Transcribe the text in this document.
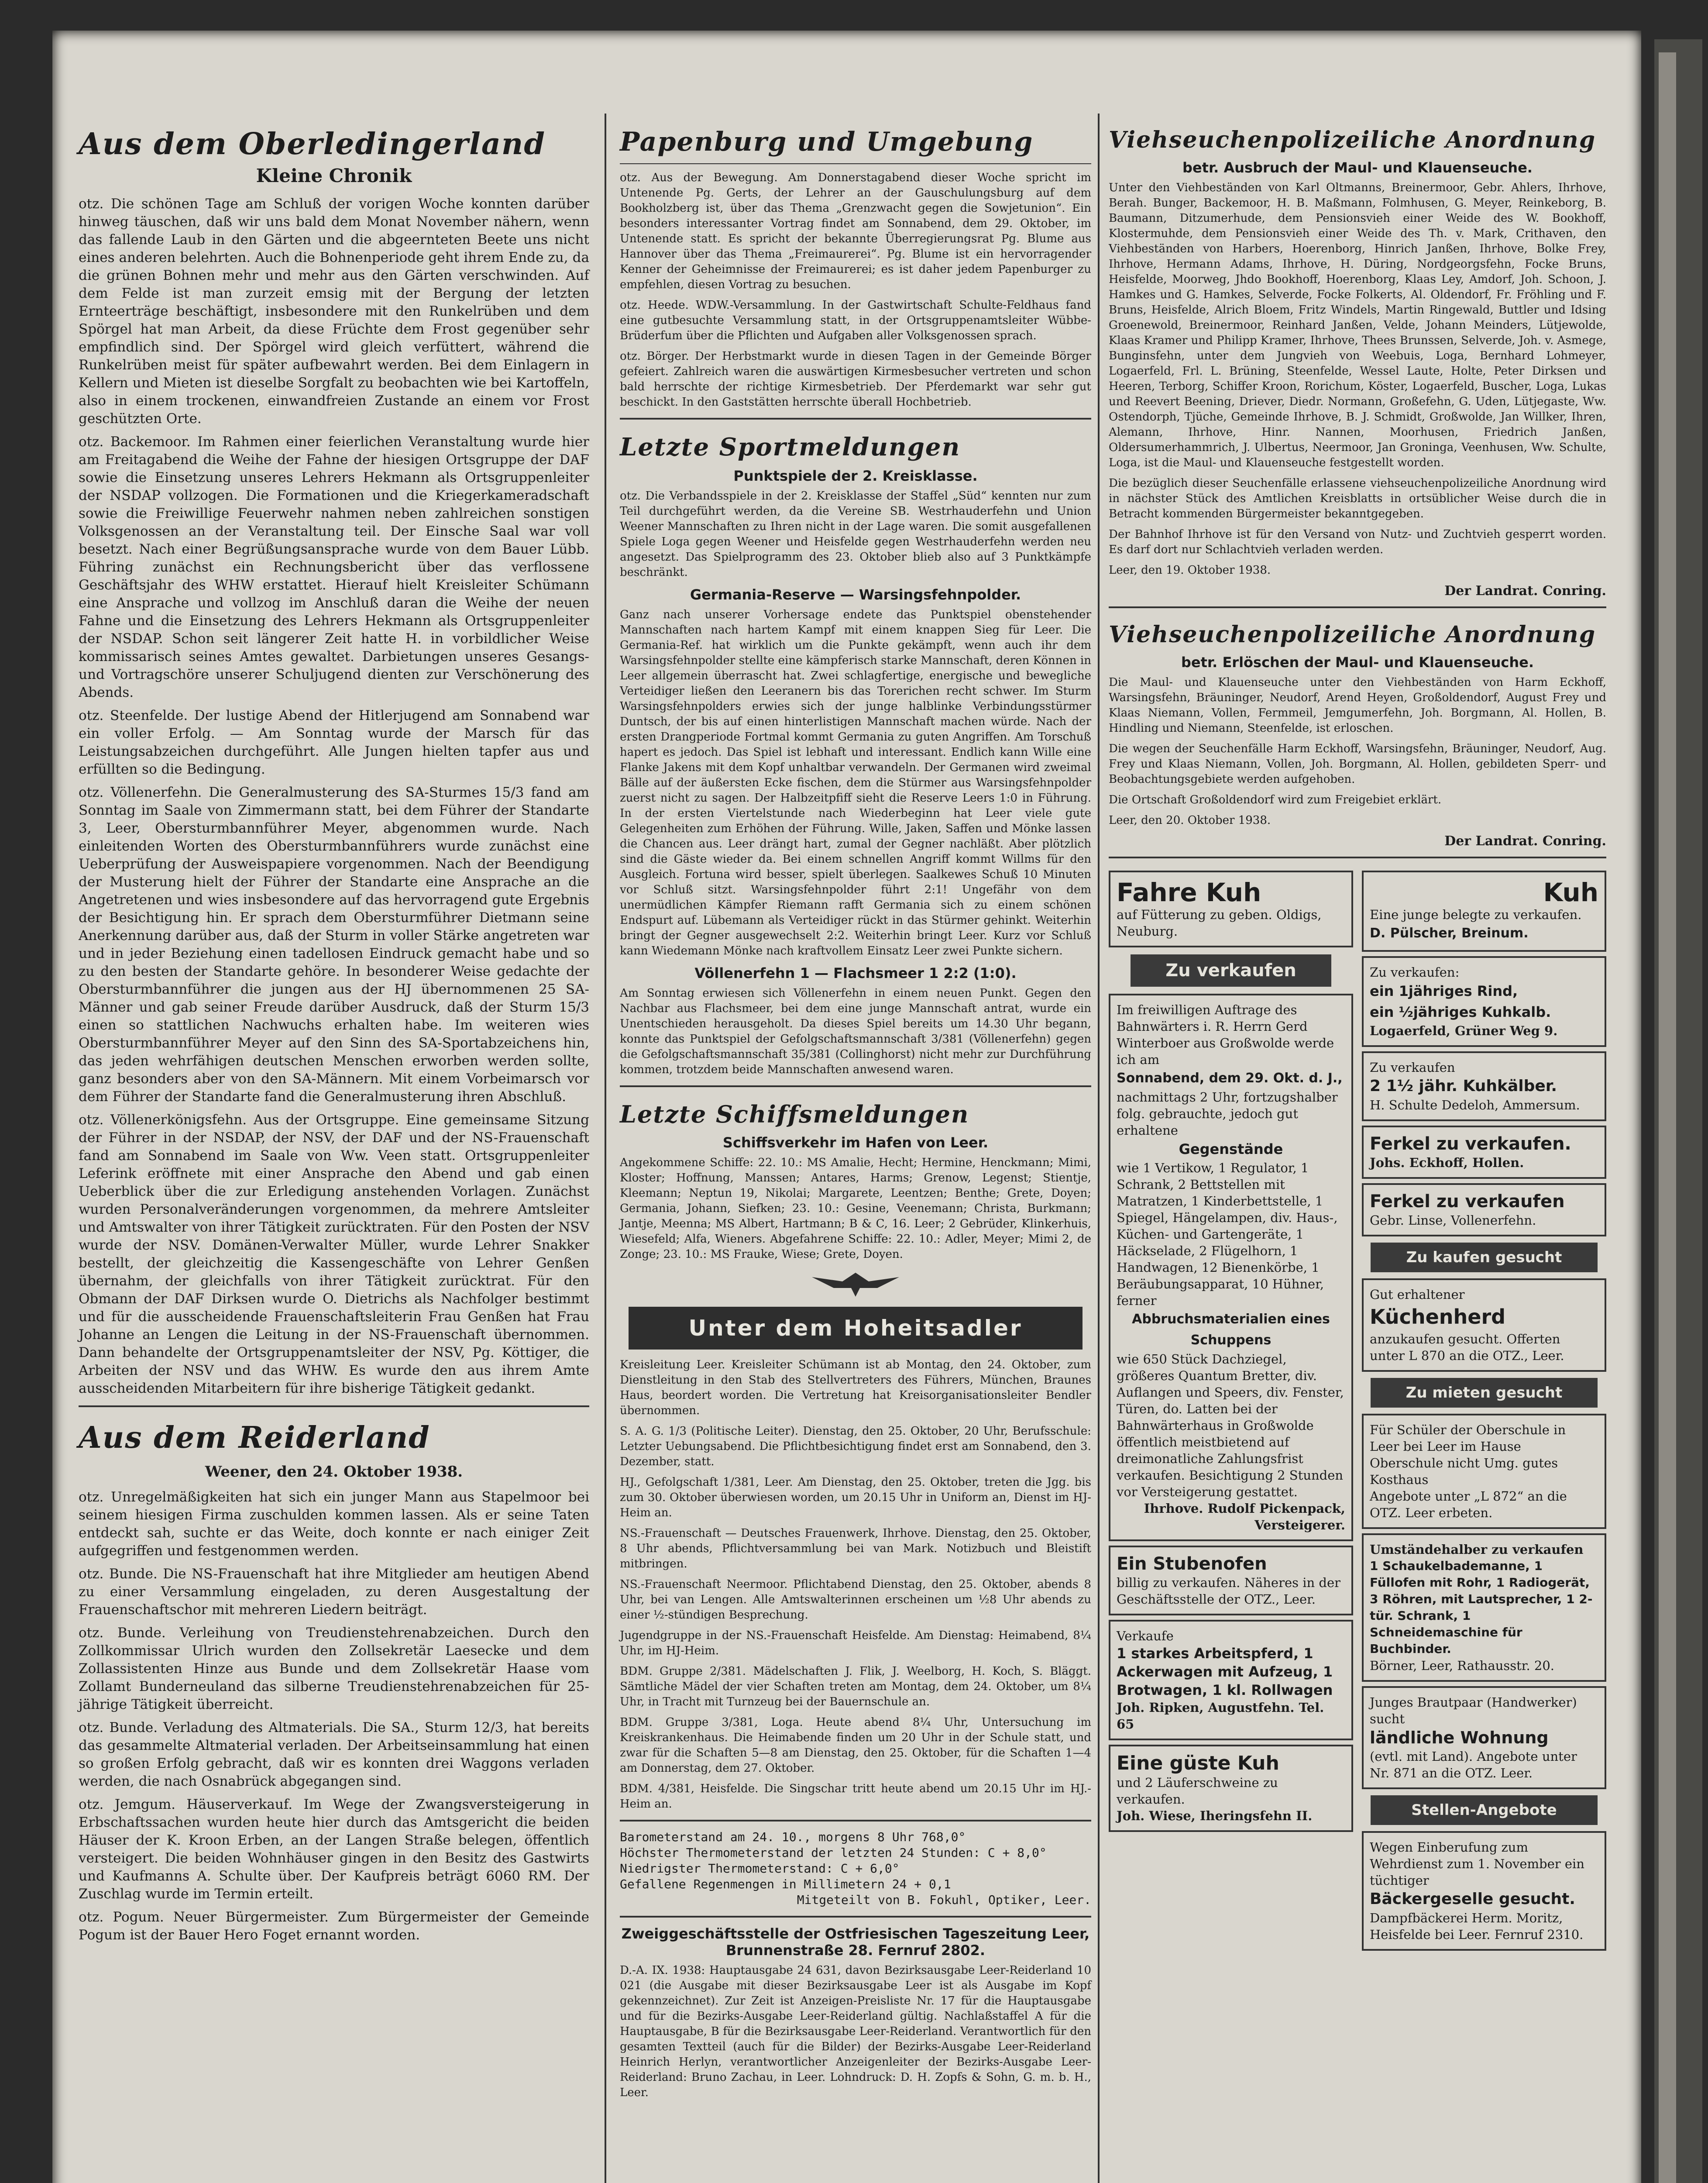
Aus dem Oberledingerland
Kleine Chronik

otz. Die schönen Tage am Schluß der vorigen Woche konnten darüber hinweg täuschen, daß wir uns bald dem Monat November nähern, wenn das fallende Laub in den Gärten und die abgeernteten Beete uns nicht eines anderen belehrten. Auch die Bohnenperiode geht ihrem Ende zu, da die grünen Bohnen mehr und mehr aus den Gärten verschwinden. Auf dem Felde ist man zurzeit emsig mit der Bergung der letzten Ernteerträge beschäftigt, insbesondere mit den Runkelrüben und dem Spörgel hat man Arbeit, da diese Früchte dem Frost gegenüber sehr empfindlich sind. Der Spörgel wird gleich verfüttert, während die Runkelrüben meist für später aufbewahrt werden. Bei dem Einlagern in Kellern und Mieten ist dieselbe Sorgfalt zu beobachten wie bei Kartoffeln, also in einem trockenen, einwandfreien Zustande an einem vor Frost geschützten Orte.

otz. Backemoor. Im Rahmen einer feierlichen Veranstaltung wurde hier am Freitagabend die Weihe der Fahne der hiesigen Ortsgruppe der DAF sowie die Einsetzung unseres Lehrers Hekmann als Ortsgruppenleiter der NSDAP vollzogen. Die Formationen und die Kriegerkameradschaft sowie die Freiwillige Feuerwehr nahmen neben zahlreichen sonstigen Volksgenossen an der Veranstaltung teil. Der Einsche Saal war voll besetzt. Nach einer Begrüßungsansprache wurde von dem Bauer Lübb. Führing zunächst ein Rechnungsbericht über das verflossene Geschäftsjahr des WHW erstattet. Hierauf hielt Kreisleiter Schümann eine Ansprache und vollzog im Anschluß daran die Weihe der neuen Fahne und die Einsetzung des Lehrers Hekmann als Ortsgruppenleiter der NSDAP. Schon seit längerer Zeit hatte H. in vorbildlicher Weise kommissarisch seines Amtes gewaltet. Darbietungen unseres Gesangs- und Vortragschöre unserer Schuljugend dienten zur Verschönerung des Abends.

otz. Steenfelde. Der lustige Abend der Hitlerjugend am Sonnabend war ein voller Erfolg. — Am Sonntag wurde der Marsch für das Leistungsabzeichen durchgeführt. Alle Jungen hielten tapfer aus und erfüllten so die Bedingung.

otz. Völlenerfehn. Die Generalmusterung des SA-Sturmes 15/3 fand am Sonntag im Saale von Zimmermann statt, bei dem Führer der Standarte 3, Leer, Obersturmbannführer Meyer, abgenommen wurde. Nach einleitenden Worten des Obersturmbannführers wurde zunächst eine Ueberprüfung der Ausweispapiere vorgenommen. Nach der Beendigung der Musterung hielt der Führer der Standarte eine Ansprache an die Angetretenen und wies insbesondere auf das hervorragend gute Ergebnis der Besichtigung hin. Er sprach dem Obersturmführer Dietmann seine Anerkennung darüber aus, daß der Sturm in voller Stärke angetreten war und in jeder Beziehung einen tadellosen Eindruck gemacht habe und so zu den besten der Standarte gehöre. In besonderer Weise gedachte der Obersturmbannführer die jungen aus der HJ übernommenen 25 SA-Männer und gab seiner Freude darüber Ausdruck, daß der Sturm 15/3 einen so stattlichen Nachwuchs erhalten habe. Im weiteren wies Obersturmbannführer Meyer auf den Sinn des SA-Sportabzeichens hin, das jeden wehrfähigen deutschen Menschen erworben werden sollte, ganz besonders aber von den SA-Männern. Mit einem Vorbeimarsch vor dem Führer der Standarte fand die Generalmusterung ihren Abschluß.

otz. Völlenerkönigsfehn. Aus der Ortsgruppe. Eine gemeinsame Sitzung der Führer in der NSDAP, der NSV, der DAF und der NS-Frauenschaft fand am Sonnabend im Saale von Ww. Veen statt. Ortsgruppenleiter Leferink eröffnete mit einer Ansprache den Abend und gab einen Ueberblick über die zur Erledigung anstehenden Vorlagen. Zunächst wurden Personalveränderungen vorgenommen, da mehrere Amtsleiter und Amtswalter von ihrer Tätigkeit zurücktraten. Für den Posten der NSV wurde der NSV. Domänen-Verwalter Müller, wurde Lehrer Snakker bestellt, der gleichzeitig die Kassengeschäfte von Lehrer Genßen übernahm, der gleichfalls von ihrer Tätigkeit zurücktrat. Für den Obmann der DAF Dirksen wurde O. Dietrichs als Nachfolger bestimmt und für die ausscheidende Frauenschaftsleiterin Frau Genßen hat Frau Johanne an Lengen die Leitung in der NS-Frauenschaft übernommen. Dann behandelte der Ortsgruppenamtsleiter der NSV, Pg. Köttiger, die Arbeiten der NSV und das WHW. Es wurde den aus ihrem Amte ausscheidenden Mitarbeitern für ihre bisherige Tätigkeit gedankt.

Aus dem Reiderland
Weener, den 24. Oktober 1938.

otz. Unregelmäßigkeiten hat sich ein junger Mann aus Stapelmoor bei seinem hiesigen Firma zuschulden kommen lassen. Als er seine Taten entdeckt sah, suchte er das Weite, doch konnte er nach einiger Zeit aufgegriffen und festgenommen werden.

otz. Bunde. Die NS-Frauenschaft hat ihre Mitglieder am heutigen Abend zu einer Versammlung eingeladen, zu deren Ausgestaltung der Frauenschaftschor mit mehreren Liedern beiträgt.

otz. Bunde. Verleihung von Treudienstehrenabzeichen. Durch den Zollkommissar Ulrich wurden den Zollsekretär Laesecke und dem Zollassistenten Hinze aus Bunde und dem Zollsekretär Haase vom Zollamt Bunderneuland das silberne Treudienstehrenabzeichen für 25-jährige Tätigkeit überreicht.

otz. Bunde. Verladung des Altmaterials. Die SA., Sturm 12/3, hat bereits das gesammelte Altmaterial verladen. Der Arbeitseinsammlung hat einen so großen Erfolg gebracht, daß wir es konnten drei Waggons verladen werden, die nach Osnabrück abgegangen sind.

otz. Jemgum. Häuserverkauf. Im Wege der Zwangsversteigerung in Erbschaftssachen wurden heute hier durch das Amtsgericht die beiden Häuser der K. Kroon Erben, an der Langen Straße belegen, öffentlich versteigert. Die beiden Wohnhäuser gingen in den Besitz des Gastwirts und Kaufmanns A. Schulte über. Der Kaufpreis beträgt 6060 RM. Der Zuschlag wurde im Termin erteilt.

otz. Pogum. Neuer Bürgermeister. Zum Bürgermeister der Gemeinde Pogum ist der Bauer Hero Foget ernannt worden.

Papenburg und Umgebung

otz. Aus der Bewegung. Am Donnerstagabend dieser Woche spricht im Untenende Pg. Gerts, der Lehrer an der Gauschulungsburg auf dem Bookholzberg ist, über das Thema „Grenzwacht gegen die Sowjetunion“. Ein besonders interessanter Vortrag findet am Sonnabend, dem 29. Oktober, im Untenende statt. Es spricht der bekannte Überregierungsrat Pg. Blume aus Hannover über das Thema „Freimaurerei“. Pg. Blume ist ein hervorragender Kenner der Geheimnisse der Freimaurerei; es ist daher jedem Papenburger zu empfehlen, diesen Vortrag zu besuchen.

otz. Heede. WDW.-Versammlung. In der Gastwirtschaft Schulte-Feldhaus fand eine gutbesuchte Versammlung statt, in der Ortsgruppenamtsleiter Wübbe-Brüderfum über die Pflichten und Aufgaben aller Volksgenossen sprach.

otz. Börger. Der Herbstmarkt wurde in diesen Tagen in der Gemeinde Börger gefeiert. Zahlreich waren die auswärtigen Kirmesbesucher vertreten und schon bald herrschte der richtige Kirmesbetrieb. Der Pferdemarkt war sehr gut beschickt. In den Gaststätten herrschte überall Hochbetrieb.

Letzte Sportmeldungen
Punktspiele der 2. Kreisklasse.

otz. Die Verbandsspiele in der 2. Kreisklasse der Staffel „Süd“ kennten nur zum Teil durchgeführt werden, da die Vereine SB. Westrhauderfehn und Union Weener Mannschaften zu Ihren nicht in der Lage waren. Die somit ausgefallenen Spiele Loga gegen Weener und Heisfelde gegen Westrhauderfehn werden neu angesetzt. Das Spielprogramm des 23. Oktober blieb also auf 3 Punktkämpfe beschränkt.

Germania-Reserve — Warsingsfehnpolder.

Ganz nach unserer Vorhersage endete das Punktspiel obenstehender Mannschaften nach hartem Kampf mit einem knappen Sieg für Leer. Die Germania-Ref. hat wirklich um die Punkte gekämpft, wenn auch ihr dem Warsingsfehnpolder stellte eine kämpferisch starke Mannschaft, deren Können in Leer allgemein überrascht hat. Zwei schlagfertige, energische und bewegliche Verteidiger ließen den Leeranern bis das Torerichen recht schwer. Im Sturm Warsingsfehnpolders erwies sich der junge halblinke Verbindungsstürmer Duntsch, der bis auf einen hinterlistigen Mannschaft machen würde. Nach der ersten Drangperiode Fortmal kommt Germania zu guten Angriffen. Am Torschuß hapert es jedoch. Das Spiel ist lebhaft und interessant. Endlich kann Wille eine Flanke Jakens mit dem Kopf unhaltbar verwandeln. Der Germanen wird zweimal Bälle auf der äußersten Ecke fischen, dem die Stürmer aus Warsingsfehnpolder zuerst nicht zu sagen. Der Halbzeitpfiff sieht die Reserve Leers 1:0 in Führung. In der ersten Viertelstunde nach Wiederbeginn hat Leer viele gute Gelegenheiten zum Erhöhen der Führung. Wille, Jaken, Saffen und Mönke lassen die Chancen aus. Leer drängt hart, zumal der Gegner nachläßt. Aber plötzlich sind die Gäste wieder da. Bei einem schnellen Angriff kommt Willms für den Ausgleich. Fortuna wird besser, spielt überlegen. Saalkewes Schuß 10 Minuten vor Schluß sitzt. Warsingsfehnpolder führt 2:1! Ungefähr von dem unermüdlichen Kämpfer Riemann rafft Germania sich zu einem schönen Endspurt auf. Lübemann als Verteidiger rückt in das Stürmer gehinkt. Weiterhin bringt der Gegner ausgewechselt 2:2. Weiterhin bringt Leer. Kurz vor Schluß kann Wiedemann Mönke nach kraftvollem Einsatz Leer zwei Punkte sichern.

Völlenerfehn 1 — Flachsmeer 1 2:2 (1:0).

Am Sonntag erwiesen sich Völlenerfehn in einem neuen Punkt. Gegen den Nachbar aus Flachsmeer, bei dem eine junge Mannschaft antrat, wurde ein Unentschieden herausgeholt. Da dieses Spiel bereits um 14.30 Uhr begann, konnte das Punktspiel der Gefolgschaftsmannschaft 3/381 (Völlenerfehn) gegen die Gefolgschaftsmannschaft 35/381 (Collinghorst) nicht mehr zur Durchführung kommen, trotzdem beide Mannschaften anwesend waren.

Letzte Schiffsmeldungen
Schiffsverkehr im Hafen von Leer.

Angekommene Schiffe: 22. 10.: MS Amalie, Hecht; Hermine, Henckmann; Mimi, Kloster; Hoffnung, Manssen; Antares, Harms; Grenow, Legenst; Stientje, Kleemann; Neptun 19, Nikolai; Margarete, Leentzen; Benthe; Grete, Doyen; Germania, Johann, Siefken; 23. 10.: Gesine, Veenemann; Christa, Burkmann; Jantje, Meenna; MS Albert, Hartmann; B & C, 16. Leer; 2 Gebrüder, Klinkerhuis, Wiesefeld; Alfa, Wieners. Abgefahrene Schiffe: 22. 10.: Adler, Meyer; Mimi 2, de Zonge; 23. 10.: MS Frauke, Wiese; Grete, Doyen.

Unter dem Hoheitsadler

Kreisleitung Leer. Kreisleiter Schümann ist ab Montag, den 24. Oktober, zum Dienstleitung in den Stab des Stellvertreters des Führers, München, Braunes Haus, beordert worden. Die Vertretung hat Kreisorganisationsleiter Bendler übernommen.

S. A. G. 1/3 (Politische Leiter). Dienstag, den 25. Oktober, 20 Uhr, Berufsschule: Letzter Uebungsabend. Die Pflichtbesichtigung findet erst am Sonnabend, den 3. Dezember, statt.

HJ., Gefolgschaft 1/381, Leer. Am Dienstag, den 25. Oktober, treten die Jgg. bis zum 30. Oktober überwiesen worden, um 20.15 Uhr in Uniform an, Dienst im HJ-Heim an.

NS.-Frauenschaft — Deutsches Frauenwerk, Ihrhove. Dienstag, den 25. Oktober, 8 Uhr abends, Pflichtversammlung bei van Mark. Notizbuch und Bleistift mitbringen.

NS.-Frauenschaft Neermoor. Pflichtabend Dienstag, den 25. Oktober, abends 8 Uhr, bei van Lengen. Alle Amtswalterinnen erscheinen um ½8 Uhr abends zu einer ½-stündigen Besprechung.

Jugendgruppe in der NS.-Frauenschaft Heisfelde. Am Dienstag: Heimabend, 8¼ Uhr, im HJ-Heim.

BDM. Gruppe 2/381. Mädelschaften J. Flik, J. Weelborg, H. Koch, S. Bläggt. Sämtliche Mädel der vier Schaften treten am Montag, dem 24. Oktober, um 8¼ Uhr, in Tracht mit Turnzeug bei der Bauernschule an.

BDM. Gruppe 3/381, Loga. Heute abend 8¼ Uhr, Untersuchung im Kreiskrankenhaus. Die Heimabende finden um 20 Uhr in der Schule statt, und zwar für die Schaften 5—8 am Dienstag, den 25. Oktober, für die Schaften 1—4 am Donnerstag, dem 27. Oktober.

BDM. 4/381, Heisfelde. Die Singschar tritt heute abend um 20.15 Uhr im HJ.-Heim an.

Barometerstand am 24. 10., morgens 8 Uhr 768,0°
Höchster Thermometerstand der letzten 24 Stunden: C + 8,0°
Niedrigster Thermometerstand: C + 6,0°
Gefallene Regenmengen in Millimetern 24 + 0,1
Mitgeteilt von B. Fokuhl, Optiker, Leer.
Zweiggeschäftsstelle der Ostfriesischen Tageszeitung Leer, Brunnenstraße 28. Fernruf 2802.

D.-A. IX. 1938: Hauptausgabe 24 631, davon Bezirksausgabe Leer-Reiderland 10 021 (die Ausgabe mit dieser Bezirksausgabe Leer ist als Ausgabe im Kopf gekennzeichnet). Zur Zeit ist Anzeigen-Preisliste Nr. 17 für die Hauptausgabe und für die Bezirks-Ausgabe Leer-Reiderland gültig. Nachlaßstaffel A für die Hauptausgabe, B für die Bezirksausgabe Leer-Reiderland. Verantwortlich für den gesamten Textteil (auch für die Bilder) der Bezirks-Ausgabe Leer-Reiderland Heinrich Herlyn, verantwortlicher Anzeigenleiter der Bezirks-Ausgabe Leer-Reiderland: Bruno Zachau, in Leer. Lohndruck: D. H. Zopfs & Sohn, G. m. b. H., Leer.

Viehseuchenpolizeiliche Anordnung
betr. Ausbruch der Maul- und Klauenseuche.

Unter den Viehbeständen von Karl Oltmanns, Breinermoor, Gebr. Ahlers, Ihrhove, Berah. Bunger, Backemoor, H. B. Maßmann, Folmhusen, G. Meyer, Reinkeborg, B. Baumann, Ditzumerhude, dem Pensionsvieh einer Weide des W. Bookhoff, Klostermuhde, dem Pensionsvieh einer Weide des Th. v. Mark, Crithaven, den Viehbeständen von Harbers, Hoerenborg, Hinrich Janßen, Ihrhove, Bolke Frey, Ihrhove, Hermann Adams, Ihrhove, H. Düring, Nordgeorgsfehn, Focke Bruns, Heisfelde, Moorweg, Jhdo Bookhoff, Hoerenborg, Klaas Ley, Amdorf, Joh. Schoon, J. Hamkes und G. Hamkes, Selverde, Focke Folkerts, Al. Oldendorf, Fr. Fröhling und F. Bruns, Heisfelde, Alrich Bloem, Fritz Windels, Martin Ringewald, Buttler und Idsing Groenewold, Breinermoor, Reinhard Janßen, Velde, Johann Meinders, Lütjewolde, Klaas Kramer und Philipp Kramer, Ihrhove, Thees Brunssen, Selverde, Joh. v. Asmege, Bunginsfehn, unter dem Jungvieh von Weebuis, Loga, Bernhard Lohmeyer, Logaerfeld, Frl. L. Brüning, Steenfelde, Wessel Laute, Holte, Peter Dirksen und Heeren, Terborg, Schiffer Kroon, Rorichum, Köster, Logaerfeld, Buscher, Loga, Lukas und Reevert Beening, Driever, Diedr. Normann, Großefehn, G. Uden, Lütjegaste, Ww. Ostendorph, Tjüche, Gemeinde Ihrhove, B. J. Schmidt, Großwolde, Jan Willker, Ihren, Alemann, Ihrhove, Hinr. Nannen, Moorhusen, Friedrich Janßen, Oldersumerhammrich, J. Ulbertus, Neermoor, Jan Groninga, Veenhusen, Ww. Schulte, Loga, ist die Maul- und Klauenseuche festgestellt worden.

Die bezüglich dieser Seuchenfälle erlassene viehseuchenpolizeiliche Anordnung wird in nächster Stück des Amtlichen Kreisblatts in ortsüblicher Weise durch die in Betracht kommenden Bürgermeister bekanntgegeben.

Der Bahnhof Ihrhove ist für den Versand von Nutz- und Zuchtvieh gesperrt worden. Es darf dort nur Schlachtvieh verladen werden.

Leer, den 19. Oktober 1938.

Der Landrat. Conring.
Viehseuchenpolizeiliche Anordnung
betr. Erlöschen der Maul- und Klauenseuche.

Die Maul- und Klauenseuche unter den Viehbeständen von Harm Eckhoff, Warsingsfehn, Bräuninger, Neudorf, Arend Heyen, Großoldendorf, August Frey und Klaas Niemann, Vollen, Fermmeil, Jemgumerfehn, Joh. Borgmann, Al. Hollen, B. Hindling und Niemann, Steenfelde, ist erloschen.

Die wegen der Seuchenfälle Harm Eckhoff, Warsingsfehn, Bräuninger, Neudorf, Aug. Frey und Klaas Niemann, Vollen, Joh. Borgmann, Al. Hollen, gebildeten Sperr- und Beobachtungsgebiete werden aufgehoben.

Die Ortschaft Großoldendorf wird zum Freigebiet erklärt.

Leer, den 20. Oktober 1938.

Der Landrat. Conring.
Fahre Kuh
auf Fütterung zu geben. Oldigs, Neuburg.
Zu verkaufen
Im freiwilligen Auftrage des Bahnwärters i. R. Herrn Gerd Winterboer aus Großwolde werde ich am
Sonnabend, dem 29. Okt. d. J.,
nachmittags 2 Uhr, fortzugshalber folg. gebrauchte, jedoch gut erhaltene
Gegenstände
wie 1 Vertikow, 1 Regulator, 1 Schrank, 2 Bettstellen mit Matratzen, 1 Kinderbettstelle, 1 Spiegel, Hängelampen, div. Haus-, Küchen- und Gartengeräte, 1 Häckselade, 2 Flügelhorn, 1 Handwagen, 12 Bienenkörbe, 1 Beräubungsapparat, 10 Hühner,
ferner
Abbruchsmaterialien eines Schuppens
wie 650 Stück Dachziegel, größeres Quantum Bretter, div. Auflangen und Speers, div. Fenster, Türen, do. Latten bei der Bahnwärterhaus in Großwolde öffentlich meistbietend auf dreimonatliche Zahlungsfrist verkaufen. Besichtigung 2 Stunden vor Versteigerung gestattet.
Ihrhove. Rudolf Pickenpack, Versteigerer.
Ein Stubenofen
billig zu verkaufen. Näheres in der Geschäftsstelle der OTZ., Leer.
Verkaufe
1 starkes Arbeitspferd, 1 Ackerwagen mit Aufzeug, 1 Brotwagen, 1 kl. Rollwagen
Joh. Ripken, Augustfehn. Tel. 65
Eine güste Kuh
und 2 Läuferschweine zu verkaufen.
Joh. Wiese, Iheringsfehn II.
Kuh
Eine junge belegte zu verkaufen.
D. Pülscher, Breinum.
Zu verkaufen:
ein 1jähriges Rind,
ein ½jähriges Kuhkalb.
Logaerfeld, Grüner Weg 9.
Zu verkaufen
2 1½ jähr. Kuhkälber.
H. Schulte Dedeloh, Ammersum.
Ferkel zu verkaufen.
Johs. Eckhoff, Hollen.
Ferkel zu verkaufen
Gebr. Linse, Vollenerfehn.
Zu kaufen gesucht
Gut erhaltener
Küchenherd
anzukaufen gesucht. Offerten unter L 870 an die OTZ., Leer.
Zu mieten gesucht
Für Schüler der Oberschule in Leer bei Leer im Hause Oberschule nicht Umg. gutes Kosthaus
Angebote unter „L 872“ an die OTZ. Leer erbeten.
Umständehalber zu verkaufen
1 Schaukelbademanne, 1 Füllofen mit Rohr, 1 Radiogerät, 3 Röhren, mit Lautsprecher, 1 2-tür. Schrank, 1 Schneidemaschine für Buchbinder.
Börner, Leer, Rathausstr. 20.
Junges Brautpaar (Handwerker) sucht
ländliche Wohnung
(evtl. mit Land). Angebote unter Nr. 871 an die OTZ. Leer.
Stellen-Angebote
Wegen Einberufung zum Wehrdienst zum 1. November ein tüchtiger
Bäckergeselle gesucht.
Dampfbäckerei Herm. Moritz, Heisfelde bei Leer. Fernruf 2310.
